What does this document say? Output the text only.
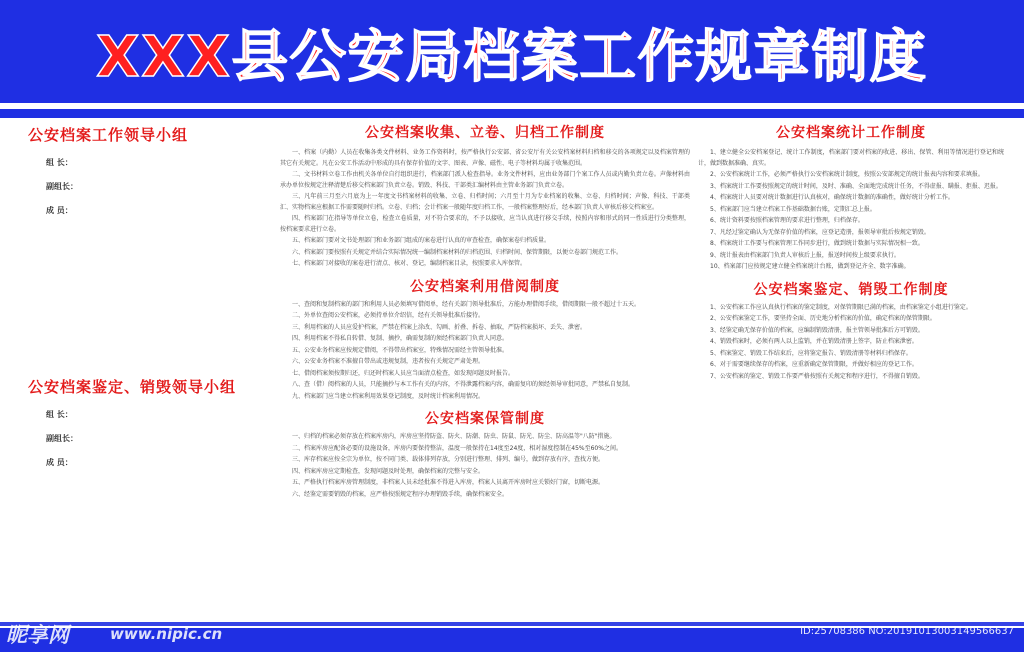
XXX县公安局档案工作规章制度

公安档案工作领导小组

组 长：

副组长：

成 员：

公安档案鉴定、销毁领导小组

组 长：

副组长：

成 员：

公安档案收集、立卷、归档工作制度

一、档案（内勤）人员在收集各类文件材料、业务工作资料时，按严格执行公安部、省公安厅有关公安档案材料归档和移交的各项规定以及档案管理的其它有关规定。凡在公安工作活动中形成的具有保存价值的文字、图表、声像、磁性、电子等材料均属于收集范围。

二、文书材料立卷工作由机关各单位自行组织进行，档案部门派人检查指导。业务文件材料，应由业务部门个案工作人员或内勤负责立卷。声像材料由承办单位按规定注释清楚后移交档案部门负责立卷。销毁、科技、干部类汇编材料由主管业务部门负责立卷。

三、凡年前三月至六月底为上一年度文书档案材料的收集、立卷、归档时间；六月至十月为专业档案的收集、立卷、归档时间；声像、科技、干部类汇、实物档案应根据工作需要随时归档。立卷、归档；会计档案一般随年度归档工作，一般档案整理好后，经本部门负责人审核后移交档案室。

四、档案部门在指导等单位立卷，检查立卷质量，对不符合要求的，不予以接收，应当认真进行移交手续，按照内容和形式的同一性质进行分类整理，按档案要求进行立卷。

五、档案部门要对文书处理部门和业务部门组成的案卷进行认真的审查检查，确保案卷归档质量。

六、档案部门要按照有关规定并结合实际情况统一编制档案材料的归档范围、归档时间、保管期限，以便立卷部门规范工作。

七、档案部门对接收的案卷进行清点、核对、登记，编制档案目录，按照要求入库保管。

公安档案利用借阅制度

一、查阅和复制档案的部门和利用人员必须填写借阅单，经有关部门领导批准后，方能办理借阅手续，借阅期限一般不超过十五天。

二、外单位查阅公安档案，必须持单位介绍信，经有关领导批准后接待。

三、利用档案的人员应爱护档案，严禁在档案上涂改、勾画、折叠、拆卷、抽取，严防档案损坏、丢失、泄密。

四、利用档案不得私自转借、复制、摘抄，确需复制的须经档案部门负责人同意。

五、公安业务档案应按规定借阅，不得带出档案室，特殊情况需经主管领导批准。

六、公安业务档案不准擅自带出或违规复制，违者按有关规定严肃处理。

七、借阅档案须按期归还，归还时档案人员应当面清点检查，如发现问题及时报告。

八、查（借）阅档案的人员，只能摘抄与本工作有关的内容，不得泄露档案内容，确需复印的须经领导审批同意，严禁私自复制。

九、档案部门应当建立档案利用效果登记制度，及时统计档案利用情况。

公安档案保管制度

一、归档的档案必须存放在档案库房内，库房应坚持防盗、防火、防潮、防虫、防鼠、防光、防尘、防高温等"八防"措施。

二、档案库房应配备必要的设施设备，库房内要保持整洁，温度一般保持在14度至24度，相对湿度控制在45%至60%之间。

三、库存档案应按全宗为单位，按不同门类、载体排列存放，分别进行整理、排列、编号，做到存放有序，查找方便。

四、档案库房应定期检查，发现问题及时处理，确保档案的完整与安全。

五、严格执行档案库房管理制度，非档案人员未经批准不得进入库房，档案人员离开库房时应关锁好门窗，切断电源。

六、经鉴定需要销毁的档案，应严格按照规定程序办理销毁手续，确保档案安全。

公安档案统计工作制度

1、建立健全公安档案登记、统计工作制度，档案部门要对档案的收进、移出、保管、利用等情况进行登记和统计，做到数据准确、真实。

2、公安档案统计工作，必须严格执行公安档案统计制度，按照公安部规定的统计报表内容和要求填报。

3、档案统计工作要按照规定的统计时间，及时、准确、全面地完成统计任务，不得虚报、瞒报、拒报、迟报。

4、档案统计人员要对统计数据进行认真核对，确保统计数据的准确性，做好统计分析工作。

5、档案部门应当建立档案工作基础数据台账，定期汇总上报。

6、统计资料要按照档案管理的要求进行整理，归档保存。

7、凡经过鉴定确认为无保存价值的档案，应登记造册，报领导审批后按规定销毁。

8、档案统计工作要与档案管理工作同步进行，做到统计数据与实际情况相一致。

9、统计报表由档案部门负责人审核后上报，报送时间按上级要求执行。

10、档案部门应按规定建立健全档案统计台账，做到登记齐全、数字准确。

公安档案鉴定、销毁工作制度

1、公安档案工作应认真执行档案的鉴定制度，对保管期限已满的档案，由档案鉴定小组进行鉴定。

2、公安档案鉴定工作，要坚持全面、历史地分析档案的价值，确定档案的保管期限。

3、经鉴定确无保存价值的档案，应编制销毁清册，报主管领导批准后方可销毁。

4、销毁档案时，必须有两人以上监销，并在销毁清册上签字，防止档案泄密。

5、档案鉴定、销毁工作结束后，应将鉴定报告、销毁清册等材料归档保存。

6、对于需要继续保存的档案，应重新确定保管期限，并做好相应的登记工作。

7、公安档案的鉴定、销毁工作要严格按照有关规定和程序进行，不得擅自销毁。

昵享网	www.nipic.cn	ID:25708386 NO:20191013003149566637
